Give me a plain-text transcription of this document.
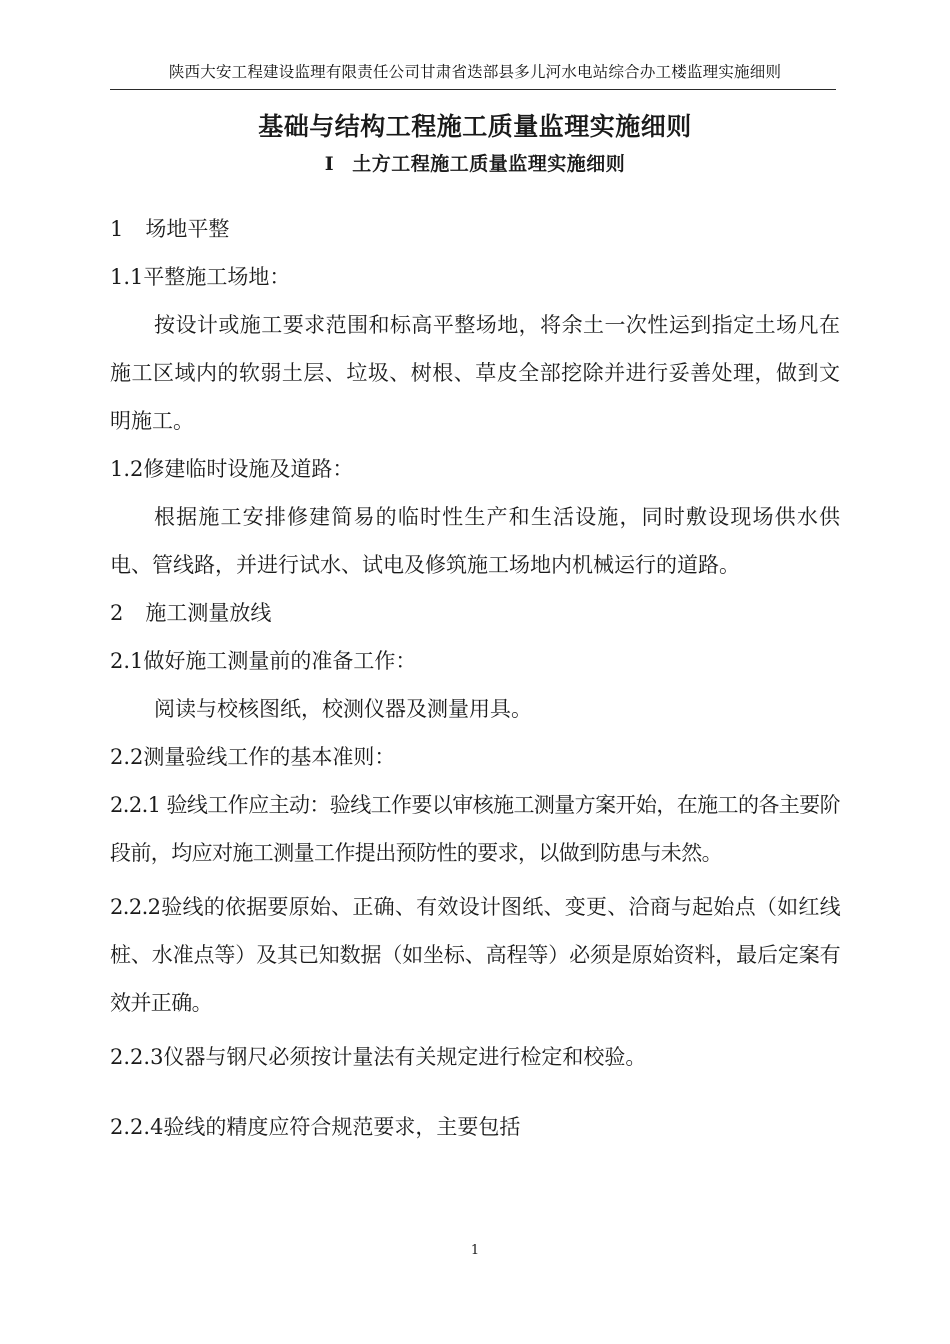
陕西大安工程建设监理有限责任公司甘肃省迭部县多儿河水电站综合办工楼监理实施细则
基础与结构工程施工质量监理实施细则
Ⅰ 土方工程施工质量监理实施细则

1 场地平整

1.1平整施工场地：

按设计或施工要求范围和标高平整场地，将余土一次性运到指定土场凡在施工区域内的软弱土层、垃圾、树根、草皮全部挖除并进行妥善处理，做到文明施工。

1.2修建临时设施及道路：

根据施工安排修建简易的临时性生产和生活设施，同时敷设现场供水供电、管线路，并进行试水、试电及修筑施工场地内机械运行的道路。

2 施工测量放线

2.1做好施工测量前的准备工作：

阅读与校核图纸，校测仪器及测量用具。

2.2测量验线工作的基本准则：

2.2.1 验线工作应主动：验线工作要以审核施工测量方案开始，在施工的各主要阶段前，均应对施工测量工作提出预防性的要求，以做到防患与未然。

2.2.2验线的依据要原始、正确、有效设计图纸、变更、洽商与起始点（如红线桩、水准点等）及其已知数据（如坐标、高程等）必须是原始资料，最后定案有效并正确。

2.2.3仪器与钢尺必须按计量法有关规定进行检定和校验。

2.2.4验线的精度应符合规范要求，主要包括

1
